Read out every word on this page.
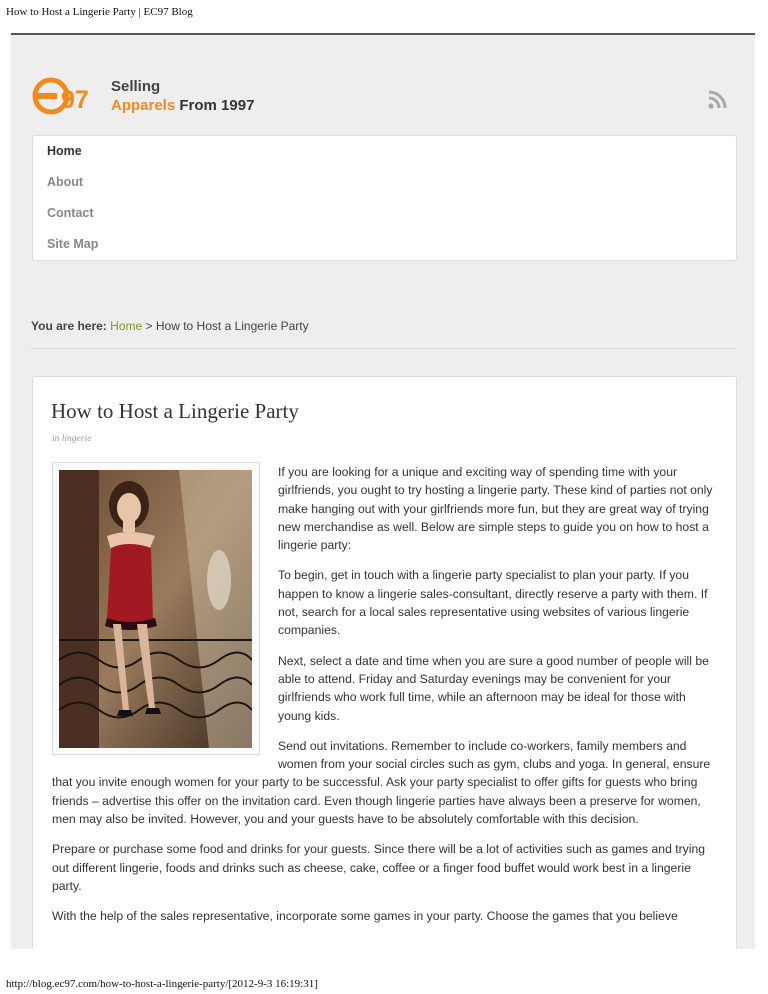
How to Host a Lingerie Party | EC97 Blog
97 Selling
Apparels From 1997
Home
About
Contact
Site Map
You are here: Home > How to Host a Lingerie Party
How to Host a Lingerie Party
in lingerie

If you are looking for a unique and exciting way of spending time with your girlfriends, you ought to try hosting a lingerie party. These kind of parties not only make hanging out with your girlfriends more fun, but they are great way of trying new merchandise as well. Below are simple steps to guide you on how to host a lingerie party:

To begin, get in touch with a lingerie party specialist to plan your party. If you happen to know a lingerie sales-consultant, directly reserve a party with them. If not, search for a local sales representative using websites of various lingerie companies.

Next, select a date and time when you are sure a good number of people will be able to attend. Friday and Saturday evenings may be convenient for your girlfriends who work full time, while an afternoon may be ideal for those with young kids.

Send out invitations. Remember to include co-workers, family members and women from your social circles such as gym, clubs and yoga. In general, ensure that you invite enough women for your party to be successful. Ask your party specialist to offer gifts for guests who bring friends – advertise this offer on the invitation card. Even though lingerie parties have always been a preserve for women, men may also be invited. However, you and your guests have to be absolutely comfortable with this decision.

Prepare or purchase some food and drinks for your guests. Since there will be a lot of activities such as games and trying out different lingerie, foods and drinks such as cheese, cake, coffee or a finger food buffet would work best in a lingerie party.

With the help of the sales representative, incorporate some games in your party. Choose the games that you believe

http://blog.ec97.com/how-to-host-a-lingerie-party/[2012-9-3 16:19:31]
